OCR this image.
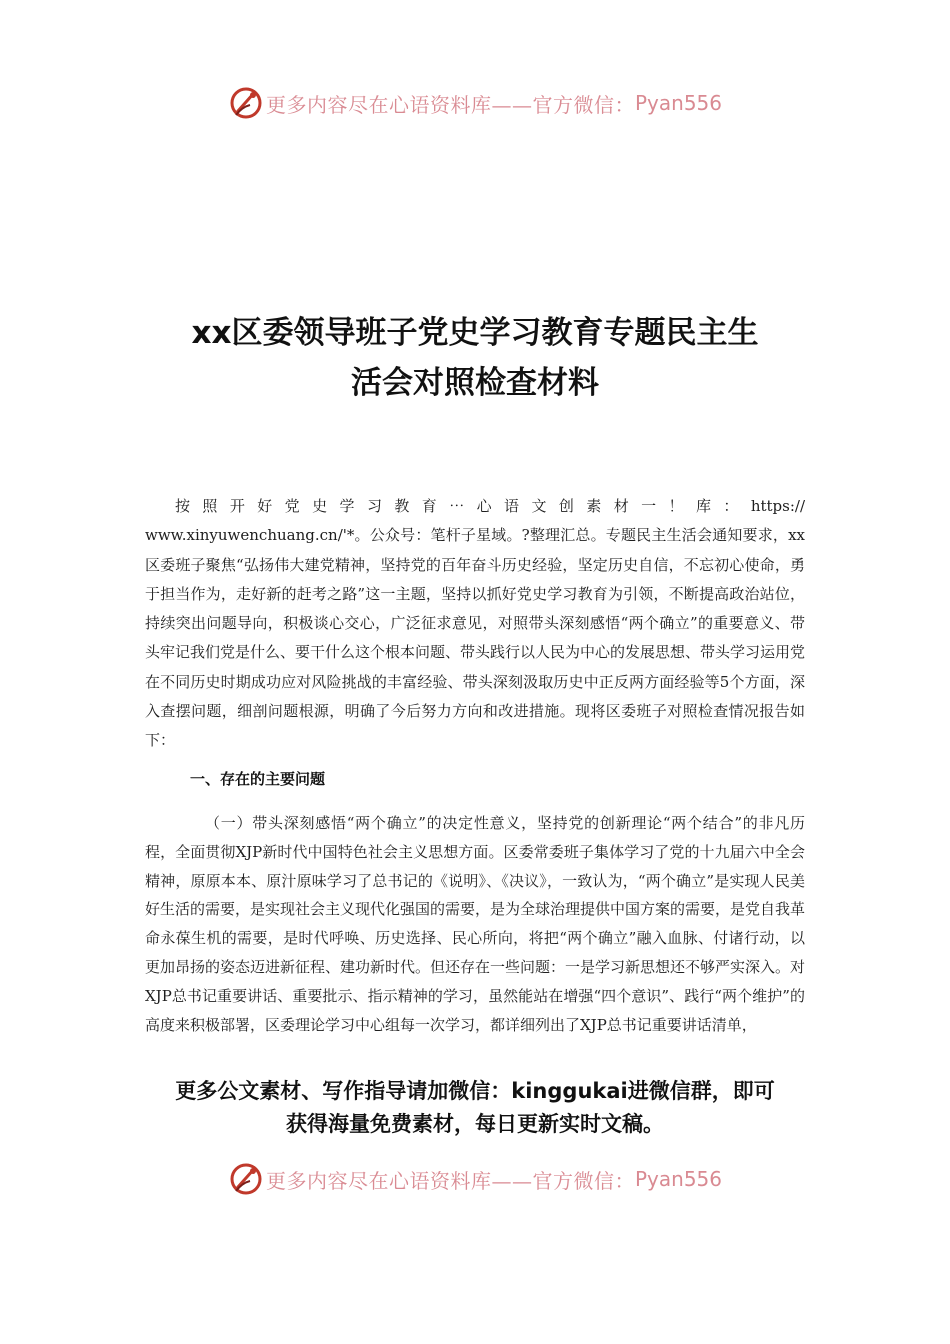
更多内容尽在心语资料库——官方微信： Pyan556
xx区委领导班子党史学习教育专题民主生
活会对照检查材料
按照开好党史学习教育⋯心语文创素材一！库：https://
www.xinyuwenchuang.cn/'*。公众号：笔杆子星域。?整理汇总。专题民主生活会通知要求，xx区委班子聚焦“弘扬伟大建党精神，坚持党的百年奋斗历史经验，坚定历史自信，不忘初心使命，勇于担当作为，走好新的赶考之路”这一主题，坚持以抓好党史学习教育为引领，不断提高政治站位，持续突出问题导向，积极谈心交心，广泛征求意见，对照带头深刻感悟“两个确立”的重要意义、带头牢记我们党是什么、要干什么这个根本问题、带头践行以人民为中心的发展思想、带头学习运用党在不同历史时期成功应对风险挑战的丰富经验、带头深刻汲取历史中正反两方面经验等5个方面，深入查摆问题，细剖问题根源，明确了今后努力方向和改进措施。现将区委班子对照检查情况报告如下：
一、存在的主要问题

（一）带头深刻感悟“两个确立”的决定性意义，坚持党的创新理论“两个结合”的非凡历程，全面贯彻XJP新时代中国特色社会主义思想方面。区委常委班子集体学习了党的十九届六中全会精神，原原本本、原汁原味学习了总书记的《说明》、《决议》，一致认为，“两个确立”是实现人民美好生活的需要，是实现社会主义现代化强国的需要，是为全球治理提供中国方案的需要，是党自我革命永葆生机的需要，是时代呼唤、历史选择、民心所向，将把“两个确立”融入血脉、付诸行动，以更加昂扬的姿态迈进新征程、建功新时代。但还存在一些问题：一是学习新思想还不够严实深入。对XJP总书记重要讲话、重要批示、指示精神的学习，虽然能站在增强“四个意识”、践行“两个维护”的高度来积极部署，区委理论学习中心组每一次学习，都详细列出了XJP总书记重要讲话清单，

更多公文素材、写作指导请加微信：kinggukai进微信群，即可
获得海量免费素材，每日更新实时文稿。
更多内容尽在心语资料库——官方微信： Pyan556
